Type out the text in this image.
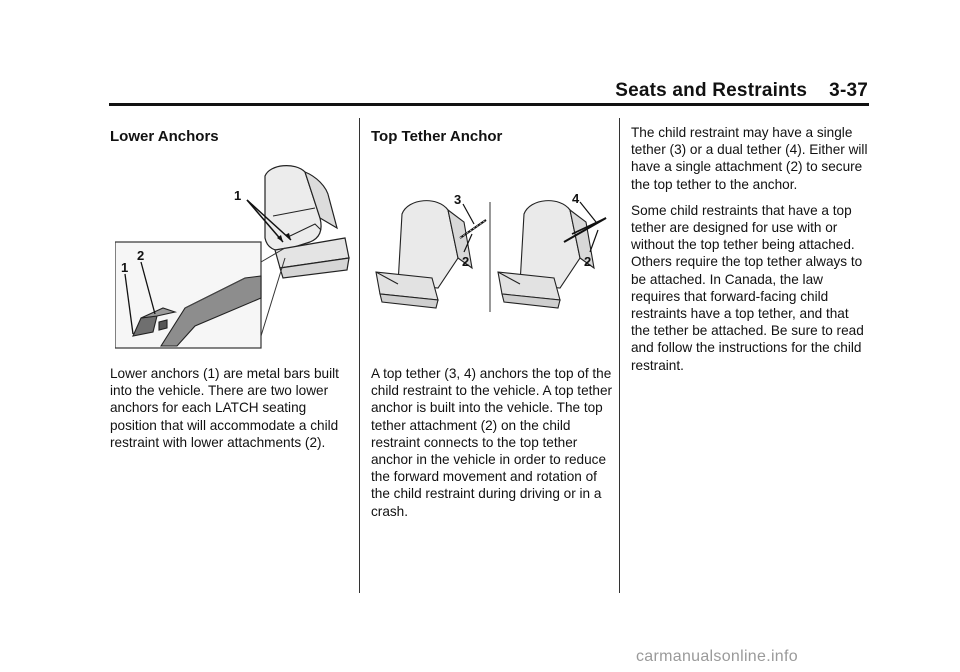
Seats and Restraints 3-37
Lower Anchors
1
2
1
Lower anchors (1) are metal bars built into the vehicle. There are two lower anchors for each LATCH seating position that will accommodate a child restraint with lower attachments (2).
Top Tether Anchor
3
2
4
2
A top tether (3, 4) anchors the top of the child restraint to the vehicle. A top tether anchor is built into the vehicle. The top tether attachment (2) on the child restraint connects to the top tether anchor in the vehicle in order to reduce the forward movement and rotation of the child restraint during driving or in a crash.

The child restraint may have a single tether (3) or a dual tether (4). Either will have a single attachment (2) to secure the top tether to the anchor.

Some child restraints that have a top tether are designed for use with or without the top tether being attached. Others require the top tether always to be attached. In Canada, the law requires that forward-facing child restraints have a top tether, and that the tether be attached. Be sure to read and follow the instructions for the child restraint.

carmanualsonline.info
